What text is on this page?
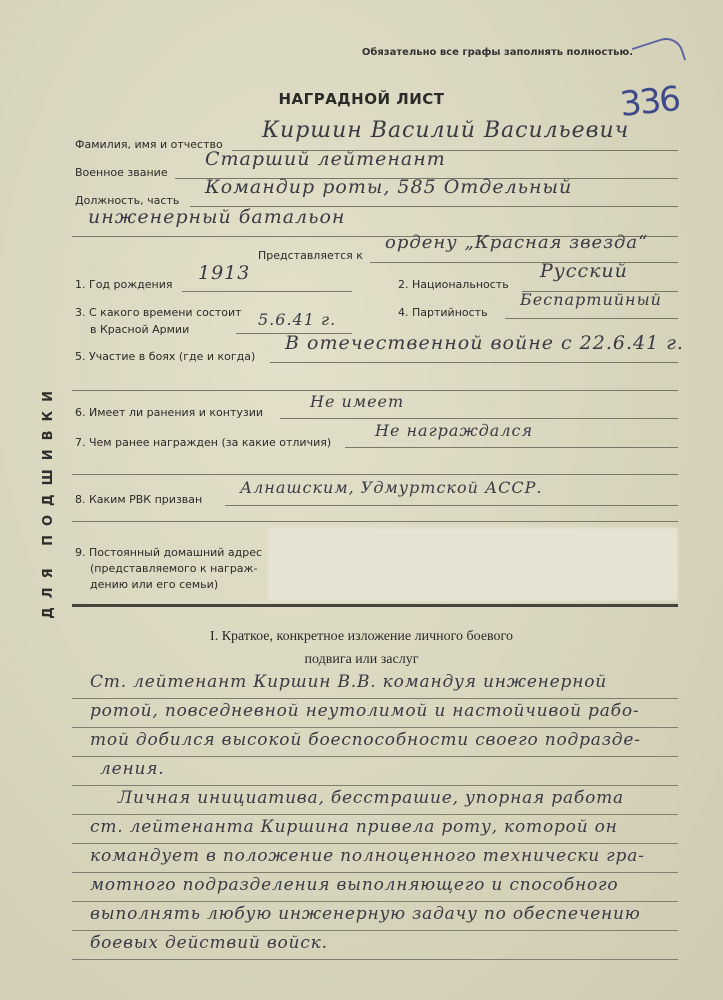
ДЛЯ ПОДШИВКИ
Обязательно все графы заполнять полностью.
336
НАГРАДНОЙ ЛИСТ
Фамилия, имя и отчество
Киршин Василий Васильевич
Военное звание
Старший лейтенант
Должность, часть
Командир роты, 585 Отдельный
инженерный батальон
Представляется к
ордену „Красная звезда“
1. Год рождения
1913
2. Национальность
Русский
3. С какого времени состоит
в Красной Армии
5.6.41 г.	4. Партийность
Беспартийный
5. Участие в боях (где и когда)
В отечественной войне с 22.6.41 г.
6. Имеет ли ранения и контузии
Не имеет
7. Чем ранее награжден (за какие отличия)
Не награждался
8. Каким РВК призван
Алнашским, Удмуртской АССР.
9. Постоянный домашний адрес
(представляемого к награж-
дению или его семьи)
I. Краткое, конкретное изложение личного боевого
подвига или заслуг
Ст. лейтенант Киршин В.В. командуя инженерной
ротой, повседневной неутолимой и настойчивой рабо-
той добился высокой боеспособности своего подразде-
ления.
Личная инициатива, бесстрашие, упорная работа
ст. лейтенанта Киршина привела роту, которой он
командует в положение полноценного технически гра-
мотного подразделения выполняющего и способного
выполнять любую инженерную задачу по обеспечению
боевых действий войск.
